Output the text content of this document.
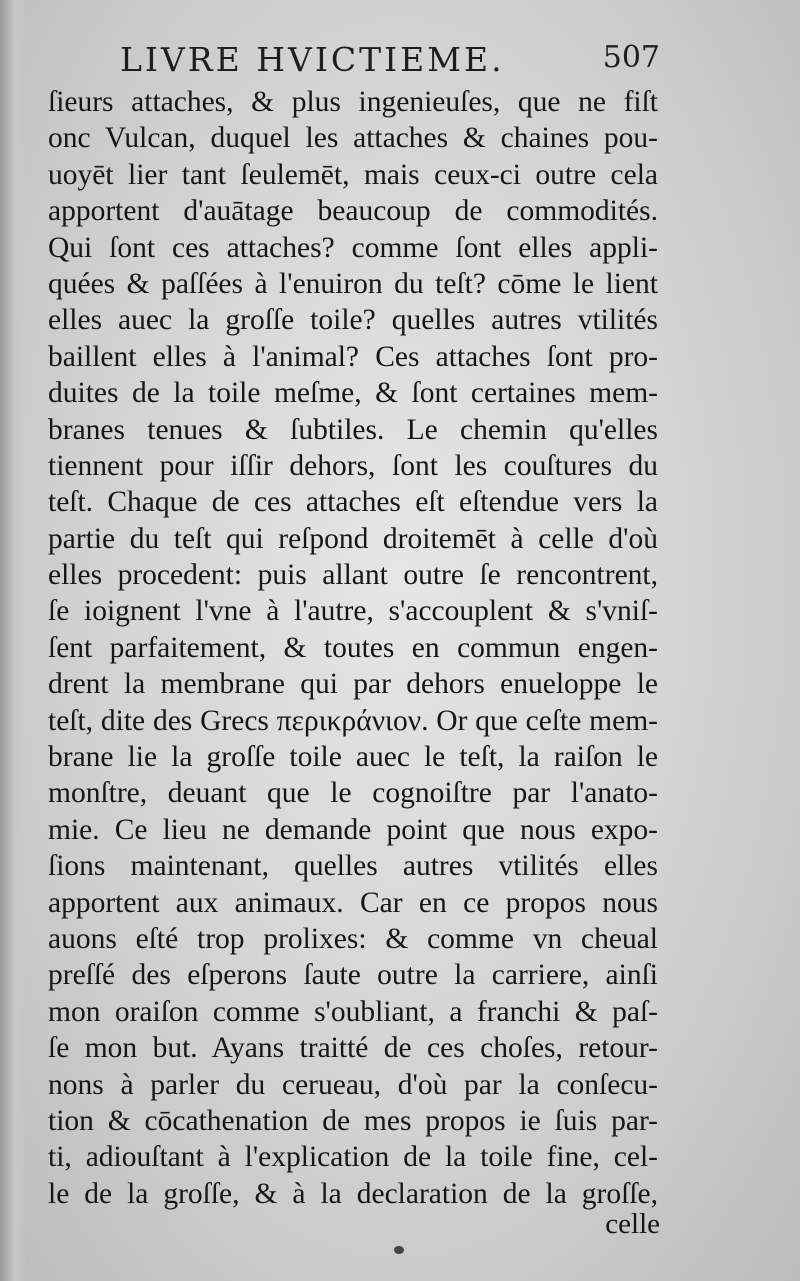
LIVRE HVICTIEME.	507
ſieurs attaches, & plus ingenieuſes, que ne fiſt
onc Vulcan, duquel les attaches & chaines pou-
uoyēt lier tant ſeulemēt, mais ceux-ci outre cela
apportent d'auātage beaucoup de commodités.
Qui ſont ces attaches? comme ſont elles appli-
quées & paſſées à l'enuiron du teſt? cōme le lient
elles auec la groſſe toile? quelles autres vtilités
baillent elles à l'animal? Ces attaches ſont pro-
duites de la toile meſme, & ſont certaines mem-
branes tenues & ſubtiles. Le chemin qu'elles
tiennent pour iſſir dehors, ſont les couſtures du
teſt. Chaque de ces attaches eſt eſtendue vers la
partie du teſt qui reſpond droitemēt à celle d'où
elles procedent: puis allant outre ſe rencontrent,
ſe ioignent l'vne à l'autre, s'accouplent & s'vniſ-
ſent parfaitement, & toutes en commun engen-
drent la membrane qui par dehors enueloppe le
teſt, dite des Grecs περικράνιον. Or que ceſte mem-
brane lie la groſſe toile auec le teſt, la raiſon le
monſtre, deuant que le cognoiſtre par l'anato-
mie. Ce lieu ne demande point que nous expo-
ſions maintenant, quelles autres vtilités elles
apportent aux animaux. Car en ce propos nous
auons eſté trop prolixes: & comme vn cheual
preſſé des eſperons ſaute outre la carriere, ainſi
mon oraiſon comme s'oubliant, a franchi & paſ-
ſe mon but. Ayans traitté de ces choſes, retour-
nons à parler du cerueau, d'où par la conſecu-
tion & cōcathenation de mes propos ie ſuis par-
ti, adiouſtant à l'explication de la toile fine, cel-
le de la groſſe, & à la declaration de la groſſe,
celle
